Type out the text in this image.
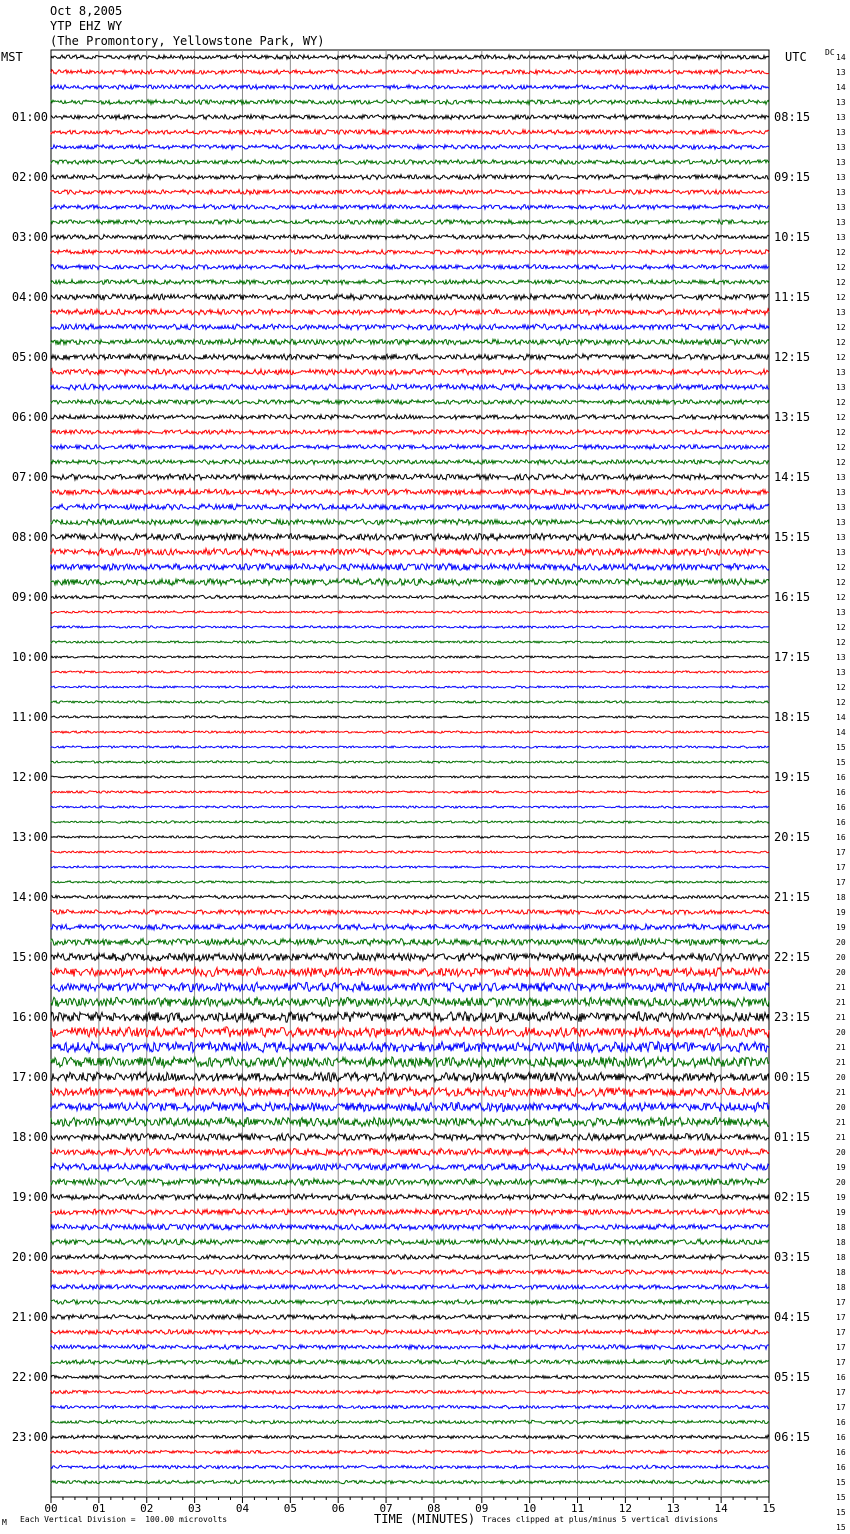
Oct 8,2005
YTP EHZ WY
(The Promontory, Yellowstone Park, WY)
MST	UTC DC
00	01	02	03	04	05	06	07	08	09	10	11	12	13	14	15
01:00
02:00
03:00
04:00
05:00
06:00
07:00
08:00
09:00
10:00
11:00
12:00
13:00
14:00
15:00
16:00
17:00
18:00
19:00
20:00
21:00
22:00
23:00
08:15
09:15
10:15
11:15
12:15
13:15
14:15
15:15
16:15
17:15
18:15
19:15
20:15
21:15
22:15
23:15
00:15
01:15
02:15
03:15
04:15
05:15
06:15
14
13
14
13
13
13
13
13
13
13
13
13
13
12
12
12
12
13
12
12
12
13
13
12
12
12
12
12
13
13
13
13
13
13
12
12
12
13
12
12
13
13
12
12
14
14
15
15
16
16
16
16
16
17
17
17
18
19
19
20
20
20
21
21
21
20
21
21
20
21
20
21
21
20
19
20
19
19
18
18
18
18
18
17
17
17
17
17
16
17
17
16
16
16
16
15
15
15
15
TIME (MINUTES)
Each Vertical Division =  100.00 microvolts	Traces clipped at plus/minus 5 vertical divisions
M
